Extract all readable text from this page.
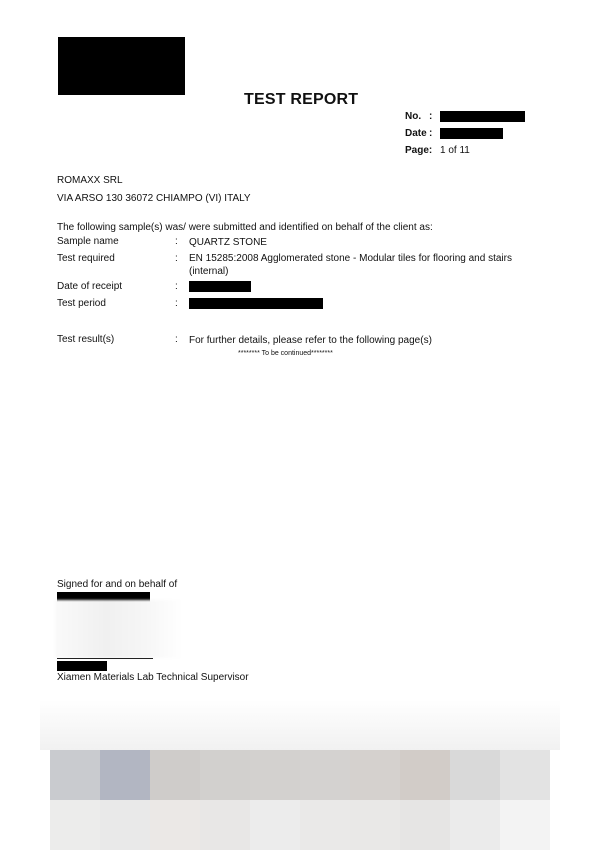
TEST REPORT
No. :
Date :
Page: 1 of 11
ROMAXX SRL
VIA ARSO 130 36072 CHIAMPO (VI) ITALY
The following sample(s) was/ were submitted and identified on behalf of the client as:
Sample name	: QUARTZ STONE
Test required	: EN 15285:2008 Agglomerated stone - Modular tiles for flooring and stairs (internal)
Date of receipt	:
Test period	:
Test result(s)	: For further details, please refer to the following page(s)
******** To be continued********
Signed for and on behalf of
Xiamen Materials Lab Technical Supervisor
